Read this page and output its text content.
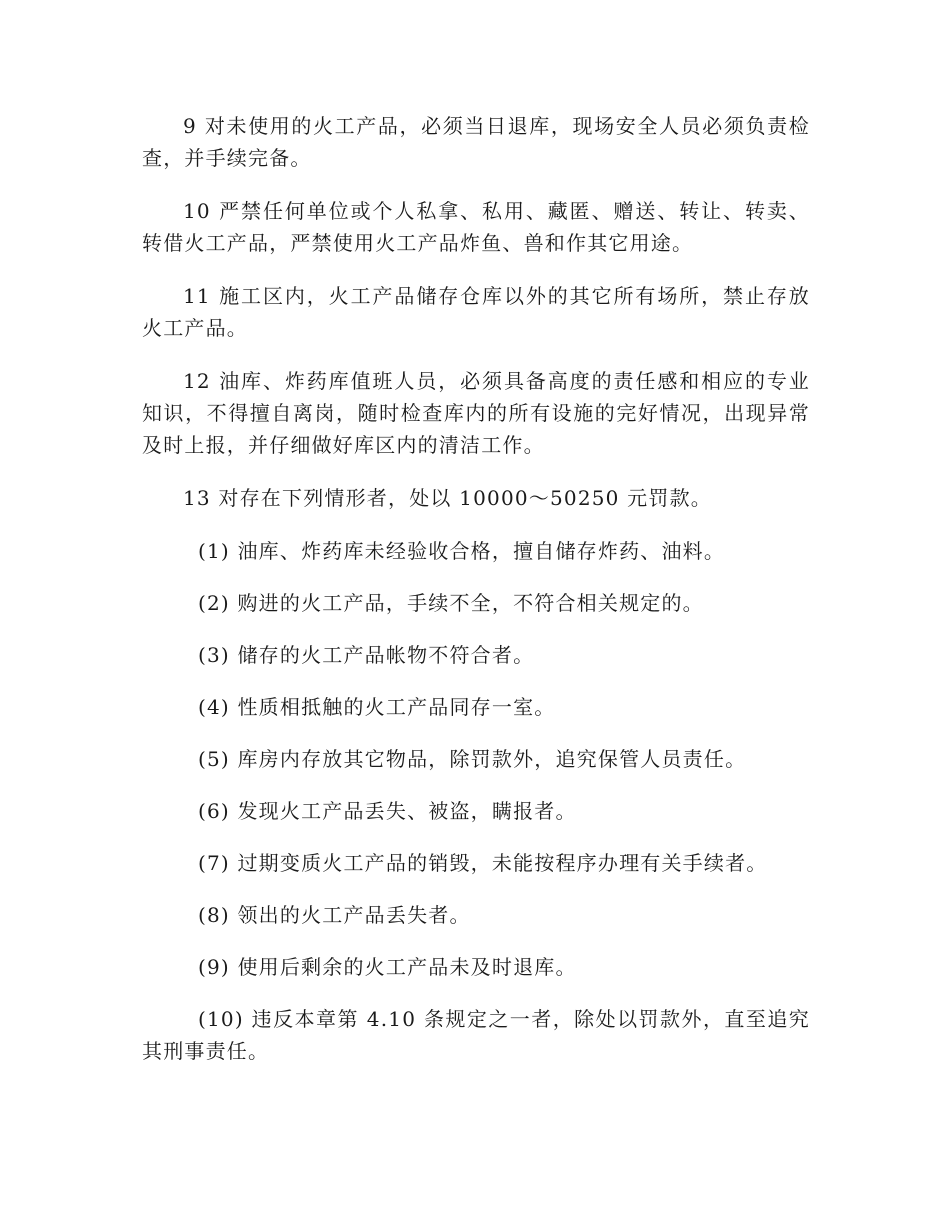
9 对未使用的火工产品，必须当日退库，现场安全人员必须负责检查，并手续完备。

10 严禁任何单位或个人私拿、私用、藏匿、赠送、转让、转卖、转借火工产品，严禁使用火工产品炸鱼、兽和作其它用途。

11 施工区内，火工产品储存仓库以外的其它所有场所，禁止存放火工产品。

12 油库、炸药库值班人员，必须具备高度的责任感和相应的专业知识，不得擅自离岗，随时检查库内的所有设施的完好情况，出现异常及时上报，并仔细做好库区内的清洁工作。

13 对存在下列情形者，处以 10000～50250 元罚款。

(1) 油库、炸药库未经验收合格，擅自储存炸药、油料。

(2) 购进的火工产品，手续不全，不符合相关规定的。

(3) 储存的火工产品帐物不符合者。

(4) 性质相抵触的火工产品同存一室。

(5) 库房内存放其它物品，除罚款外，追究保管人员责任。

(6) 发现火工产品丢失、被盗，瞒报者。

(7) 过期变质火工产品的销毁，未能按程序办理有关手续者。

(8) 领出的火工产品丢失者。

(9) 使用后剩余的火工产品未及时退库。

(10) 违反本章第 4.10 条规定之一者，除处以罚款外，直至追究其刑事责任。
